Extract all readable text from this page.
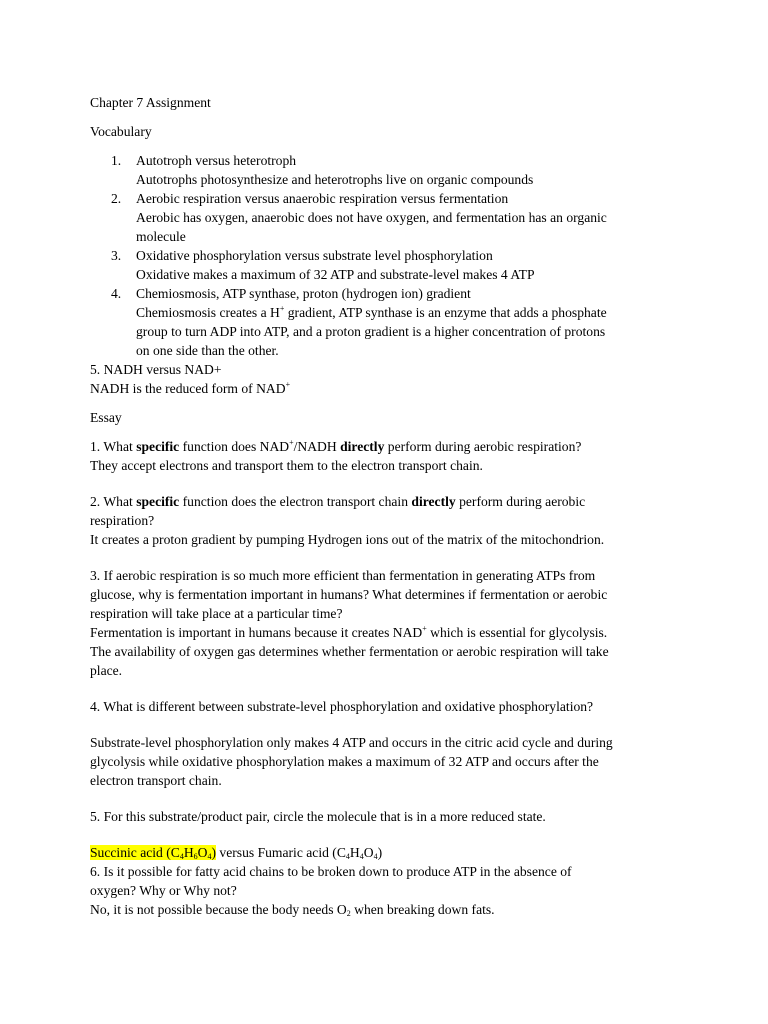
Chapter 7 Assignment
Vocabulary
1.	Autotroph versus heterotroph
Autotrophs photosynthesize and heterotrophs live on organic compounds
2.	Aerobic respiration versus anaerobic respiration versus fermentation
Aerobic has oxygen, anaerobic does not have oxygen, and fermentation has an organic
molecule
3.	Oxidative phosphorylation versus substrate level phosphorylation
Oxidative makes a maximum of 32 ATP and substrate-level makes 4 ATP
4.	Chemiosmosis, ATP synthase, proton (hydrogen ion) gradient
Chemiosmosis creates a H+ gradient, ATP synthase is an enzyme that adds a phosphate
group to turn ADP into ATP, and a proton gradient is a higher concentration of protons
on one side than the other.
5. NADH versus NAD+
NADH is the reduced form of NAD+
Essay
1. What specific function does NAD+/NADH directly perform during aerobic respiration?
They accept electrons and transport them to the electron transport chain.
2. What specific function does the electron transport chain directly perform during aerobic
respiration?
It creates a proton gradient by pumping Hydrogen ions out of the matrix of the mitochondrion.
3. If aerobic respiration is so much more efficient than fermentation in generating ATPs from
glucose, why is fermentation important in humans? What determines if fermentation or aerobic
respiration will take place at a particular time?
Fermentation is important in humans because it creates NAD+ which is essential for glycolysis.
The availability of oxygen gas determines whether fermentation or aerobic respiration will take
place.
4. What is different between substrate-level phosphorylation and oxidative phosphorylation?
Substrate-level phosphorylation only makes 4 ATP and occurs in the citric acid cycle and during
glycolysis while oxidative phosphorylation makes a maximum of 32 ATP and occurs after the
electron transport chain.
5. For this substrate/product pair, circle the molecule that is in a more reduced state.
Succinic acid $(C_4H_6O_4)$ versus Fumaric acid $(C_4H_4O_4)$
6. Is it possible for fatty acid chains to be broken down to produce ATP in the absence of
oxygen? Why or Why not?
No, it is not possible because the body needs $O_2$ when breaking down fats.
